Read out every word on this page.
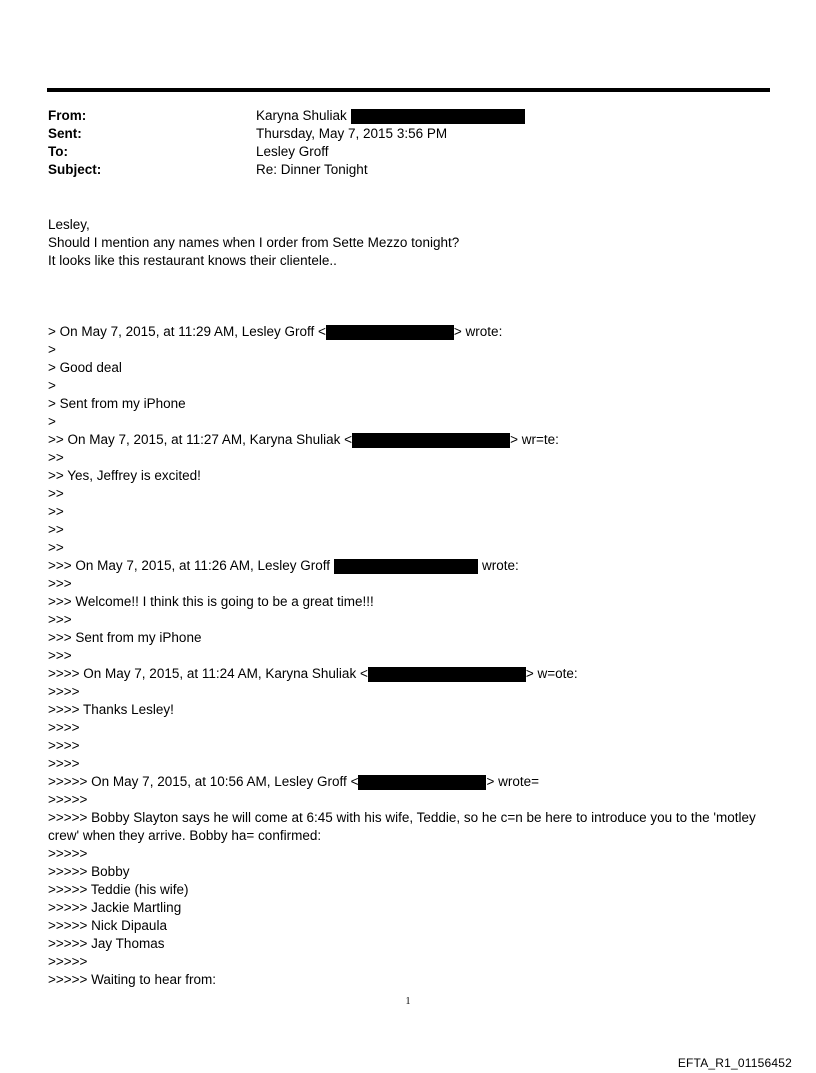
From:	Karyna Shuliak
Sent:	Thursday, May 7, 2015 3:56 PM
To:	Lesley Groff
Subject:	Re: Dinner Tonight
Lesley,
Should I mention any names when I order from Sette Mezzo tonight?
It looks like this restaurant knows their clientele..
> On May 7, 2015, at 11:29 AM, Lesley Groff <	> wrote:
>
> Good deal
>
> Sent from my iPhone
>
>> On May 7, 2015, at 11:27 AM, Karyna Shuliak <	> wr=te:
>>
>> Yes, Jeffrey is excited!
>>
>>
>>
>>
>>> On May 7, 2015, at 11:26 AM, Lesley Groff	wrote:
>>>
>>> Welcome!! I think this is going to be a great time!!!
>>>
>>> Sent from my iPhone
>>>
>>>> On May 7, 2015, at 11:24 AM, Karyna Shuliak <	> w=ote:
>>>>
>>>> Thanks Lesley!
>>>>
>>>>
>>>>
>>>>> On May 7, 2015, at 10:56 AM, Lesley Groff <	> wrote=
>>>>>
>>>>> Bobby Slayton says he will come at 6:45 with his wife, Teddie, so he c=n be here to introduce you to the 'motley crew' when they arrive. Bobby ha= confirmed:
>>>>>
>>>>> Bobby
>>>>> Teddie (his wife)
>>>>> Jackie Martling
>>>>> Nick Dipaula
>>>>> Jay Thomas
>>>>>
>>>>> Waiting to hear from:
1
EFTA_R1_01156452
